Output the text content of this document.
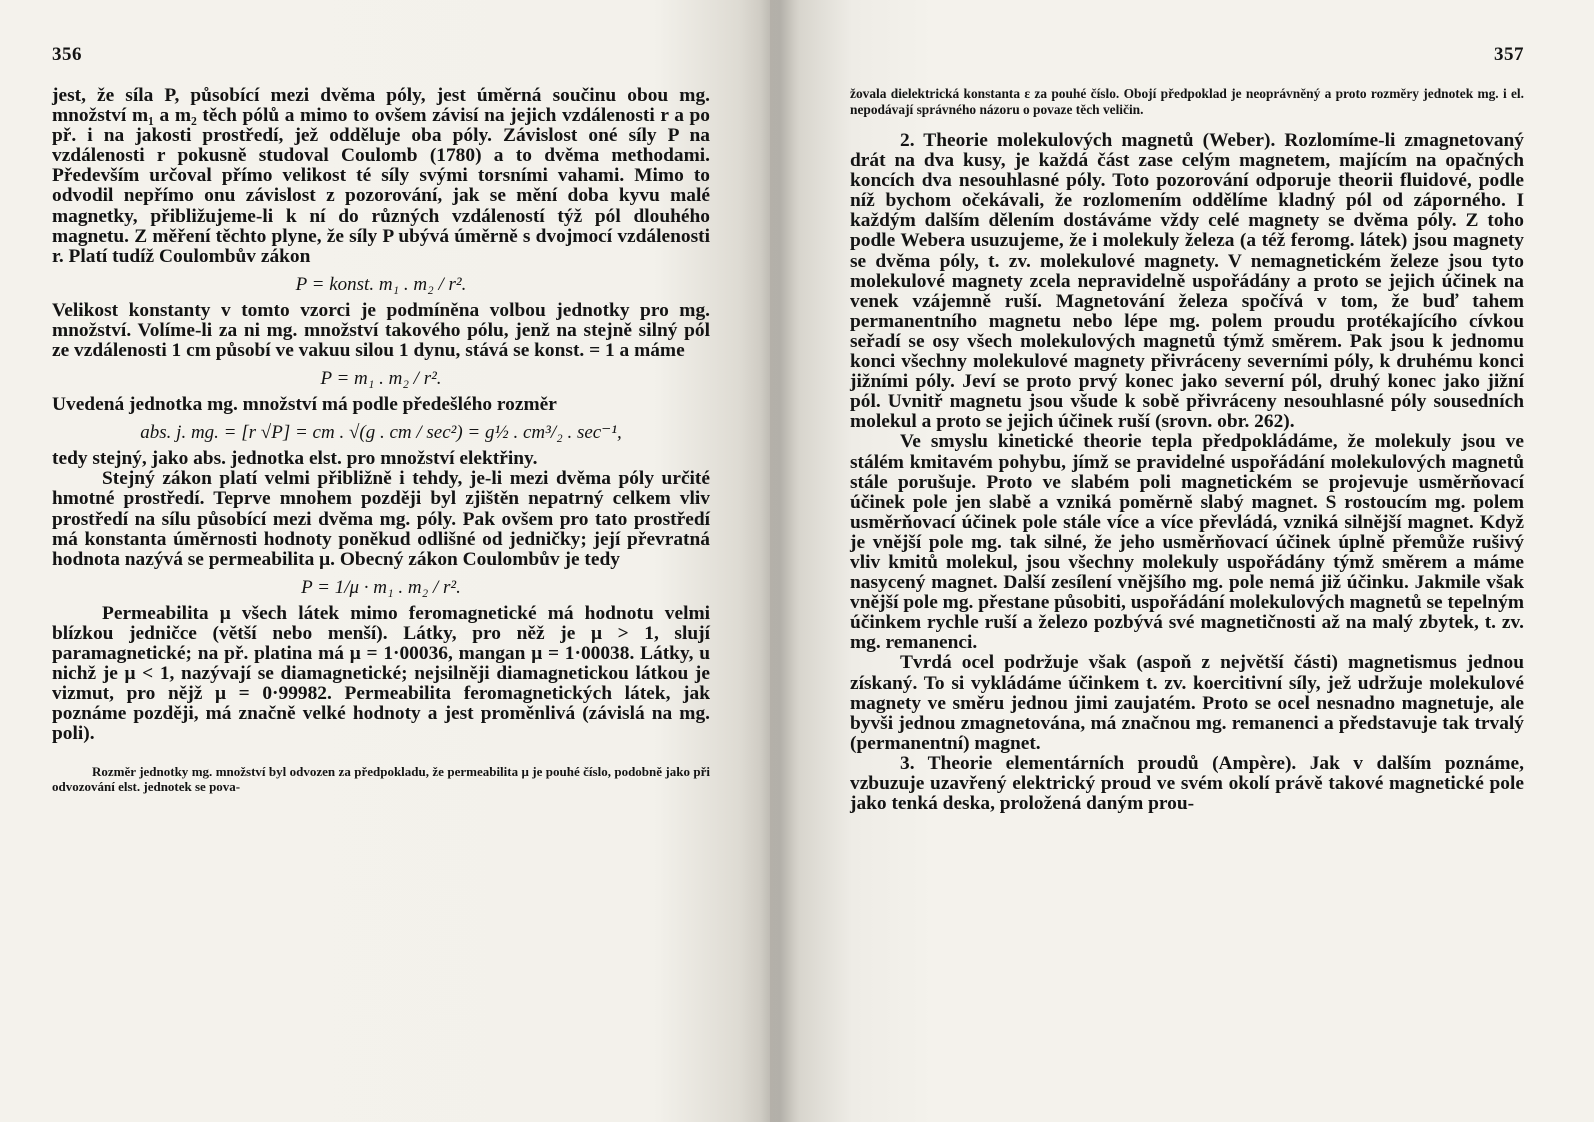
356

jest, že síla P, působící mezi dvěma póly, jest úměrná součinu obou mg. množství m₁ a m₂ těch pólů a mimo to ovšem závisí na jejich vzdálenosti r a po př. i na jakosti prostředí, jež odděluje oba póly. Závislost oné síly P na vzdálenosti r pokusně studoval Coulomb (1780) a to dvěma methodami. Především určoval přímo velikost té síly svými torsními vahami. Mimo to odvodil nepřímo onu závislost z pozorování, jak se mění doba kyvu malé magnetky, přibližujeme-li k ní do různých vzdáleností týž pól dlouhého magnetu. Z měření těchto plyne, že síly P ubývá úměrně s dvojmocí vzdálenosti r. Platí tudíž Coulombův zákon

P = konst. m₁ . m₂ / r².

Velikost konstanty v tomto vzorci je podmíněna volbou jednotky pro mg. množství. Volíme-li za ni mg. množství takového pólu, jenž na stejně silný pól ze vzdálenosti 1 cm působí ve vakuu silou 1 dynu, stává se konst. = 1 a máme

P = m₁ . m₂ / r².

Uvedená jednotka mg. množství má podle předešlého rozměr

abs. j. mg. = [r √P] = cm . √(g . cm / sec²) = g½ . cm³/₂ . sec⁻¹,

tedy stejný, jako abs. jednotka elst. pro množství elektřiny.

Stejný zákon platí velmi přibližně i tehdy, je-li mezi dvěma póly určité hmotné prostředí. Teprve mnohem později byl zjištěn nepatrný celkem vliv prostředí na sílu působící mezi dvěma mg. póly. Pak ovšem pro tato prostředí má konstanta úměrnosti hodnoty poněkud odlišné od jedničky; její převratná hodnota nazývá se permeabilita μ. Obecný zákon Coulombův je tedy

P = 1/μ · m₁ . m₂ / r².

Permeabilita μ všech látek mimo feromagnetické má hodnotu velmi blízkou jedničce (větší nebo menší). Látky, pro něž je μ > 1, slují paramagnetické; na př. platina má μ = 1·00036, mangan μ = 1·00038. Látky, u nichž je μ < 1, nazývají se diamagnetické; nejsilněji diamagnetickou látkou je vizmut, pro nějž μ = 0·99982. Permeabilita feromagnetických látek, jak poznáme později, má značně velké hodnoty a jest proměnlivá (závislá na mg. poli).

Rozměr jednotky mg. množství byl odvozen za předpokladu, že permeabilita μ je pouhé číslo, podobně jako při odvozování elst. jednotek se pova-

357

žovala dielektrická konstanta ε za pouhé číslo. Obojí předpoklad je neoprávněný a proto rozměry jednotek mg. i el. nepodávají správného názoru o povaze těch veličin.

2. Theorie molekulových magnetů (Weber). Rozlomíme-li zmagnetovaný drát na dva kusy, je každá část zase celým magnetem, majícím na opačných koncích dva nesouhlasné póly. Toto pozorování odporuje theorii fluidové, podle níž bychom očekávali, že rozlomením oddělíme kladný pól od záporného. I každým dalším dělením dostáváme vždy celé magnety se dvěma póly. Z toho podle Webera usuzujeme, že i molekuly železa (a též feromg. látek) jsou magnety se dvěma póly, t. zv. molekulové magnety. V nemagnetickém železe jsou tyto molekulové magnety zcela nepravidelně uspořádány a proto se jejich účinek na venek vzájemně ruší. Magnetování železa spočívá v tom, že buď tahem permanentního magnetu nebo lépe mg. polem proudu protékajícího cívkou seřadí se osy všech molekulových magnetů týmž směrem. Pak jsou k jednomu konci všechny molekulové magnety přivráceny severními póly, k druhému konci jižními póly. Jeví se proto prvý konec jako severní pól, druhý konec jako jižní pól. Uvnitř magnetu jsou všude k sobě přivráceny nesouhlasné póly sousedních molekul a proto se jejich účinek ruší (srovn. obr. 262).

Ve smyslu kinetické theorie tepla předpokládáme, že molekuly jsou ve stálém kmitavém pohybu, jímž se pravidelné uspořádání molekulových magnetů stále porušuje. Proto ve slabém poli magnetickém se projevuje usměrňovací účinek pole jen slabě a vzniká poměrně slabý magnet. S rostoucím mg. polem usměrňovací účinek pole stále více a více převládá, vzniká silnější magnet. Když je vnější pole mg. tak silné, že jeho usměrňovací účinek úplně přemůže rušivý vliv kmitů molekul, jsou všechny molekuly uspořádány týmž směrem a máme nasycený magnet. Další zesílení vnějšího mg. pole nemá již účinku. Jakmile však vnější pole mg. přestane působiti, uspořádání molekulových magnetů se tepelným účinkem rychle ruší a železo pozbývá své magnetičnosti až na malý zbytek, t. zv. mg. remanenci.

Tvrdá ocel podržuje však (aspoň z největší části) magnetismus jednou získaný. To si vykládáme účinkem t. zv. koercitivní síly, jež udržuje molekulové magnety ve směru jednou jimi zaujatém. Proto se ocel nesnadno magnetuje, ale byvši jednou zmagnetována, má značnou mg. remanenci a představuje tak trvalý (permanentní) magnet.

3. Theorie elementárních proudů (Ampère). Jak v dalším poznáme, vzbuzuje uzavřený elektrický proud ve svém okolí právě takové magnetické pole jako tenká deska, proložená daným prou-
